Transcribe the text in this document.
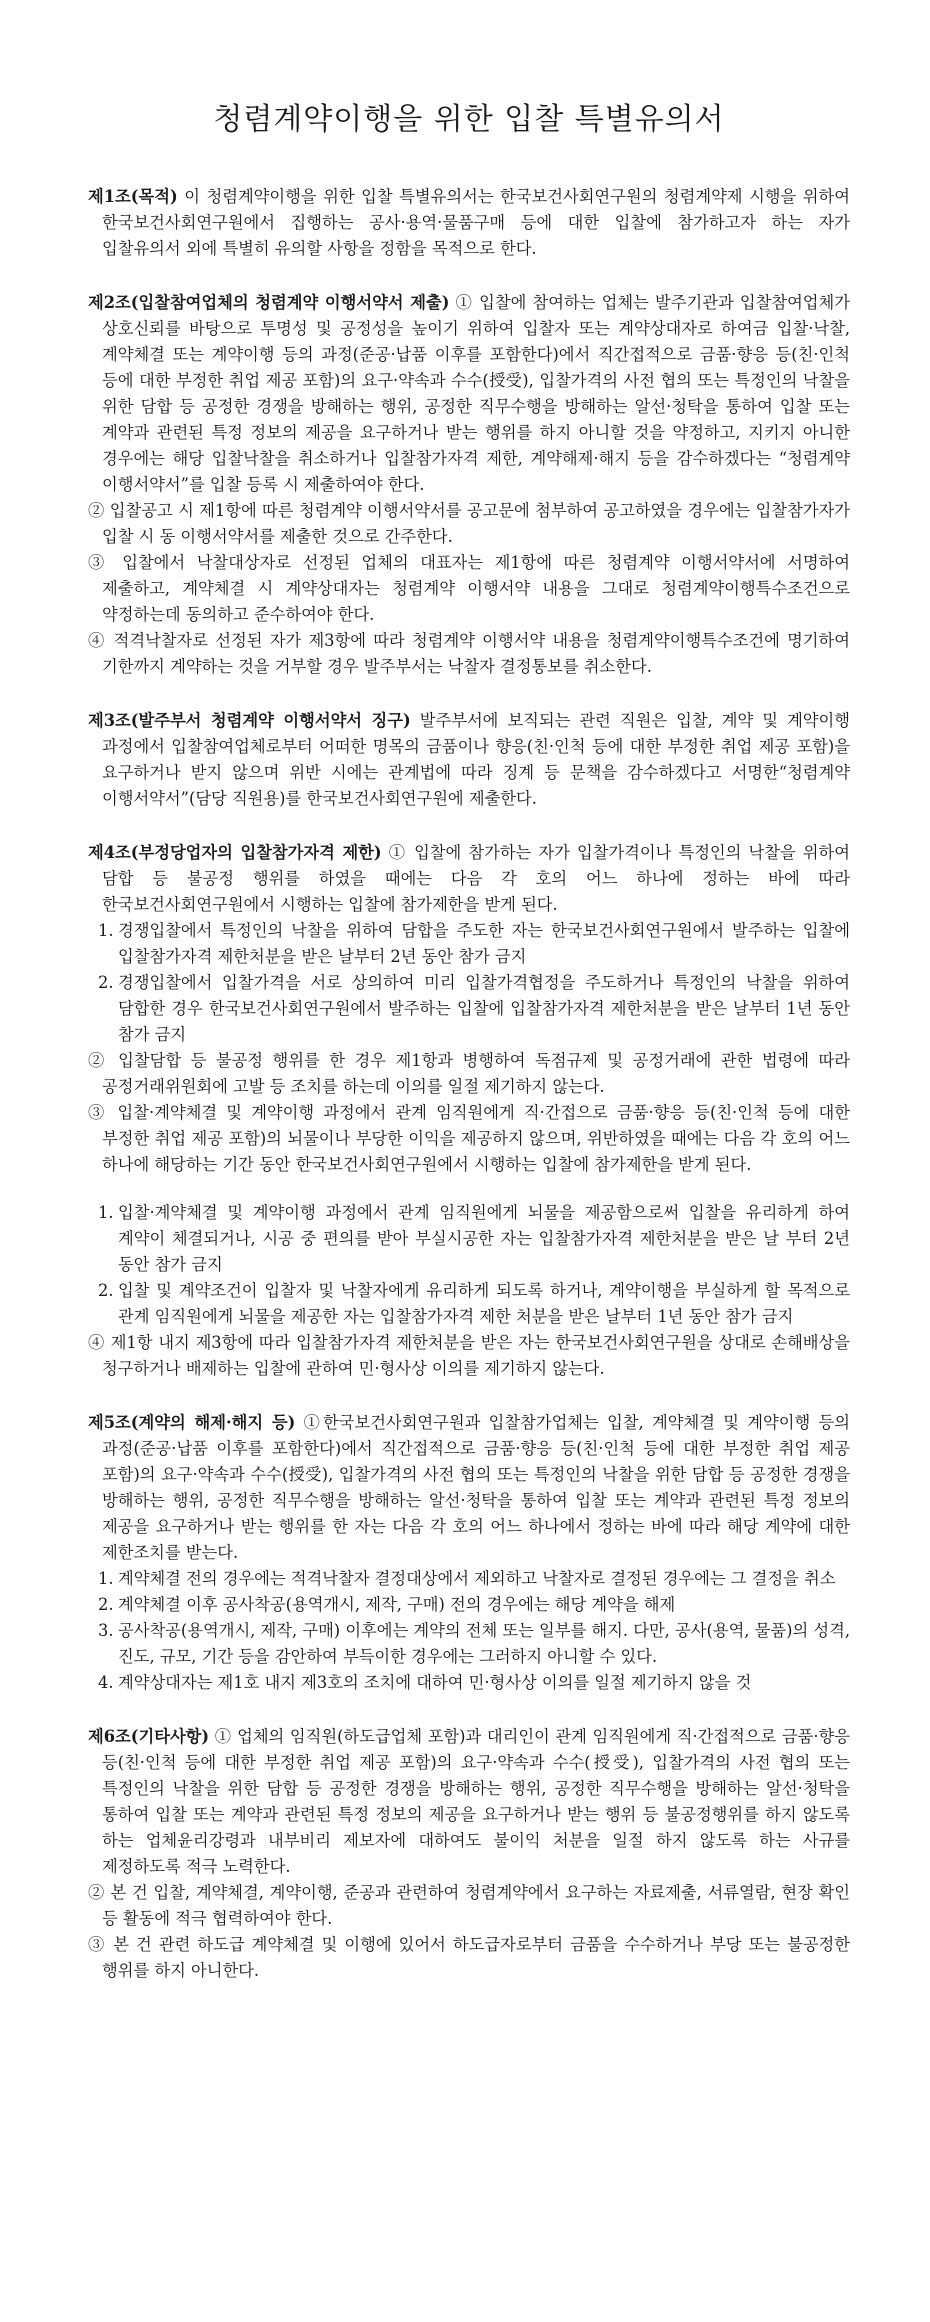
청렴계약이행을 위한 입찰 특별유의서

제1조(목적) 이 청렴계약이행을 위한 입찰 특별유의서는 한국보건사회연구원의 청렴계약제 시행을 위하여 한국보건사회연구원에서 집행하는 공사·용역·물품구매 등에 대한 입찰에 참가하고자 하는 자가 입찰유의서 외에 특별히 유의할 사항을 정함을 목적으로 한다.

제2조(입찰참여업체의 청렴계약 이행서약서 제출) ① 입찰에 참여하는 업체는 발주기관과 입찰참여업체가 상호신뢰를 바탕으로 투명성 및 공정성을 높이기 위하여 입찰자 또는 계약상대자로 하여금 입찰·낙찰, 계약체결 또는 계약이행 등의 과정(준공·납품 이후를 포함한다)에서 직간접적으로 금품·향응 등(친·인척 등에 대한 부정한 취업 제공 포함)의 요구·약속과 수수(授受), 입찰가격의 사전 협의 또는 특정인의 낙찰을 위한 담합 등 공정한 경쟁을 방해하는 행위, 공정한 직무수행을 방해하는 알선·청탁을 통하여 입찰 또는 계약과 관련된 특정 정보의 제공을 요구하거나 받는 행위를 하지 아니할 것을 약정하고, 지키지 아니한 경우에는 해당 입찰낙찰을 취소하거나 입찰참가자격 제한, 계약해제·해지 등을 감수하겠다는 “청렴계약 이행서약서”를 입찰 등록 시 제출하여야 한다.

② 입찰공고 시 제1항에 따른 청렴계약 이행서약서를 공고문에 첨부하여 공고하였을 경우에는 입찰참가자가 입찰 시 동 이행서약서를 제출한 것으로 간주한다.

③ 입찰에서 낙찰대상자로 선정된 업체의 대표자는 제1항에 따른 청렴계약 이행서약서에 서명하여 제출하고, 계약체결 시 계약상대자는 청렴계약 이행서약 내용을 그대로 청렴계약이행특수조건으로 약정하는데 동의하고 준수하여야 한다.

④ 적격낙찰자로 선정된 자가 제3항에 따라 청렴계약 이행서약 내용을 청렴계약이행특수조건에 명기하여 기한까지 계약하는 것을 거부할 경우 발주부서는 낙찰자 결정통보를 취소한다.

제3조(발주부서 청렴계약 이행서약서 징구) 발주부서에 보직되는 관련 직원은 입찰, 계약 및 계약이행 과정에서 입찰참여업체로부터 어떠한 명목의 금품이나 향응(친·인척 등에 대한 부정한 취업 제공 포함)을 요구하거나 받지 않으며 위반 시에는 관계법에 따라 징계 등 문책을 감수하겠다고 서명한“청렴계약 이행서약서”(담당 직원용)를 한국보건사회연구원에 제출한다.

제4조(부정당업자의 입찰참가자격 제한) ① 입찰에 참가하는 자가 입찰가격이나 특정인의 낙찰을 위하여 담합 등 불공정 행위를 하였을 때에는 다음 각 호의 어느 하나에 정하는 바에 따라 한국보건사회연구원에서 시행하는 입찰에 참가제한을 받게 된다.

1. 경쟁입찰에서 특정인의 낙찰을 위하여 담합을 주도한 자는 한국보건사회연구원에서 발주하는 입찰에 입찰참가자격 제한처분을 받은 날부터 2년 동안 참가 금지
2. 경쟁입찰에서 입찰가격을 서로 상의하여 미리 입찰가격협정을 주도하거나 특정인의 낙찰을 위하여 담합한 경우 한국보건사회연구원에서 발주하는 입찰에 입찰참가자격 제한처분을 받은 날부터 1년 동안 참가 금지

② 입찰담합 등 불공정 행위를 한 경우 제1항과 병행하여 독점규제 및 공정거래에 관한 법령에 따라 공정거래위원회에 고발 등 조치를 하는데 이의를 일절 제기하지 않는다.

③ 입찰·계약체결 및 계약이행 과정에서 관계 임직원에게 직·간접으로 금품·향응 등(친·인척 등에 대한 부정한 취업 제공 포함)의 뇌물이나 부당한 이익을 제공하지 않으며, 위반하였을 때에는 다음 각 호의 어느 하나에 해당하는 기간 동안 한국보건사회연구원에서 시행하는 입찰에 참가제한을 받게 된다.

1. 입찰·계약체결 및 계약이행 과정에서 관계 임직원에게 뇌물을 제공함으로써 입찰을 유리하게 하여 계약이 체결되거나, 시공 중 편의를 받아 부실시공한 자는 입찰참가자격 제한처분을 받은 날 부터 2년 동안 참가 금지
2. 입찰 및 계약조건이 입찰자 및 낙찰자에게 유리하게 되도록 하거나, 계약이행을 부실하게 할 목적으로 관계 임직원에게 뇌물을 제공한 자는 입찰참가자격 제한 처분을 받은 날부터 1년 동안 참가 금지

④ 제1항 내지 제3항에 따라 입찰참가자격 제한처분을 받은 자는 한국보건사회연구원을 상대로 손해배상을 청구하거나 배제하는 입찰에 관하여 민·형사상 이의를 제기하지 않는다.

제5조(계약의 해제·해지 등) ①한국보건사회연구원과 입찰참가업체는 입찰, 계약체결 및 계약이행 등의 과정(준공·납품 이후를 포함한다)에서 직간접적으로 금품·향응 등(친·인척 등에 대한 부정한 취업 제공 포함)의 요구·약속과 수수(授受), 입찰가격의 사전 협의 또는 특정인의 낙찰을 위한 담합 등 공정한 경쟁을 방해하는 행위, 공정한 직무수행을 방해하는 알선·청탁을 통하여 입찰 또는 계약과 관련된 특정 정보의 제공을 요구하거나 받는 행위를 한 자는 다음 각 호의 어느 하나에서 정하는 바에 따라 해당 계약에 대한 제한조치를 받는다.

1. 계약체결 전의 경우에는 적격낙찰자 결정대상에서 제외하고 낙찰자로 결정된 경우에는 그 결정을 취소
2. 계약체결 이후 공사착공(용역개시, 제작, 구매) 전의 경우에는 해당 계약을 해제
3. 공사착공(용역개시, 제작, 구매) 이후에는 계약의 전체 또는 일부를 해지. 다만, 공사(용역, 물품)의 성격, 진도, 규모, 기간 등을 감안하여 부득이한 경우에는 그러하지 아니할 수 있다.
4. 계약상대자는 제1호 내지 제3호의 조치에 대하여 민·형사상 이의를 일절 제기하지 않을 것

제6조(기타사항) ① 업체의 임직원(하도급업체 포함)과 대리인이 관계 임직원에게 직·간접적으로 금품·향응 등(친·인척 등에 대한 부정한 취업 제공 포함)의 요구·약속과 수수(授受), 입찰가격의 사전 협의 또는 특정인의 낙찰을 위한 담합 등 공정한 경쟁을 방해하는 행위, 공정한 직무수행을 방해하는 알선·청탁을 통하여 입찰 또는 계약과 관련된 특정 정보의 제공을 요구하거나 받는 행위 등 불공정행위를 하지 않도록 하는 업체윤리강령과 내부비리 제보자에 대하여도 불이익 처분을 일절 하지 않도록 하는 사규를 제정하도록 적극 노력한다.

② 본 건 입찰, 계약체결, 계약이행, 준공과 관련하여 청렴계약에서 요구하는 자료제출, 서류열람, 현장 확인 등 활동에 적극 협력하여야 한다.

③ 본 건 관련 하도급 계약체결 및 이행에 있어서 하도급자로부터 금품을 수수하거나 부당 또는 불공정한 행위를 하지 아니한다.
